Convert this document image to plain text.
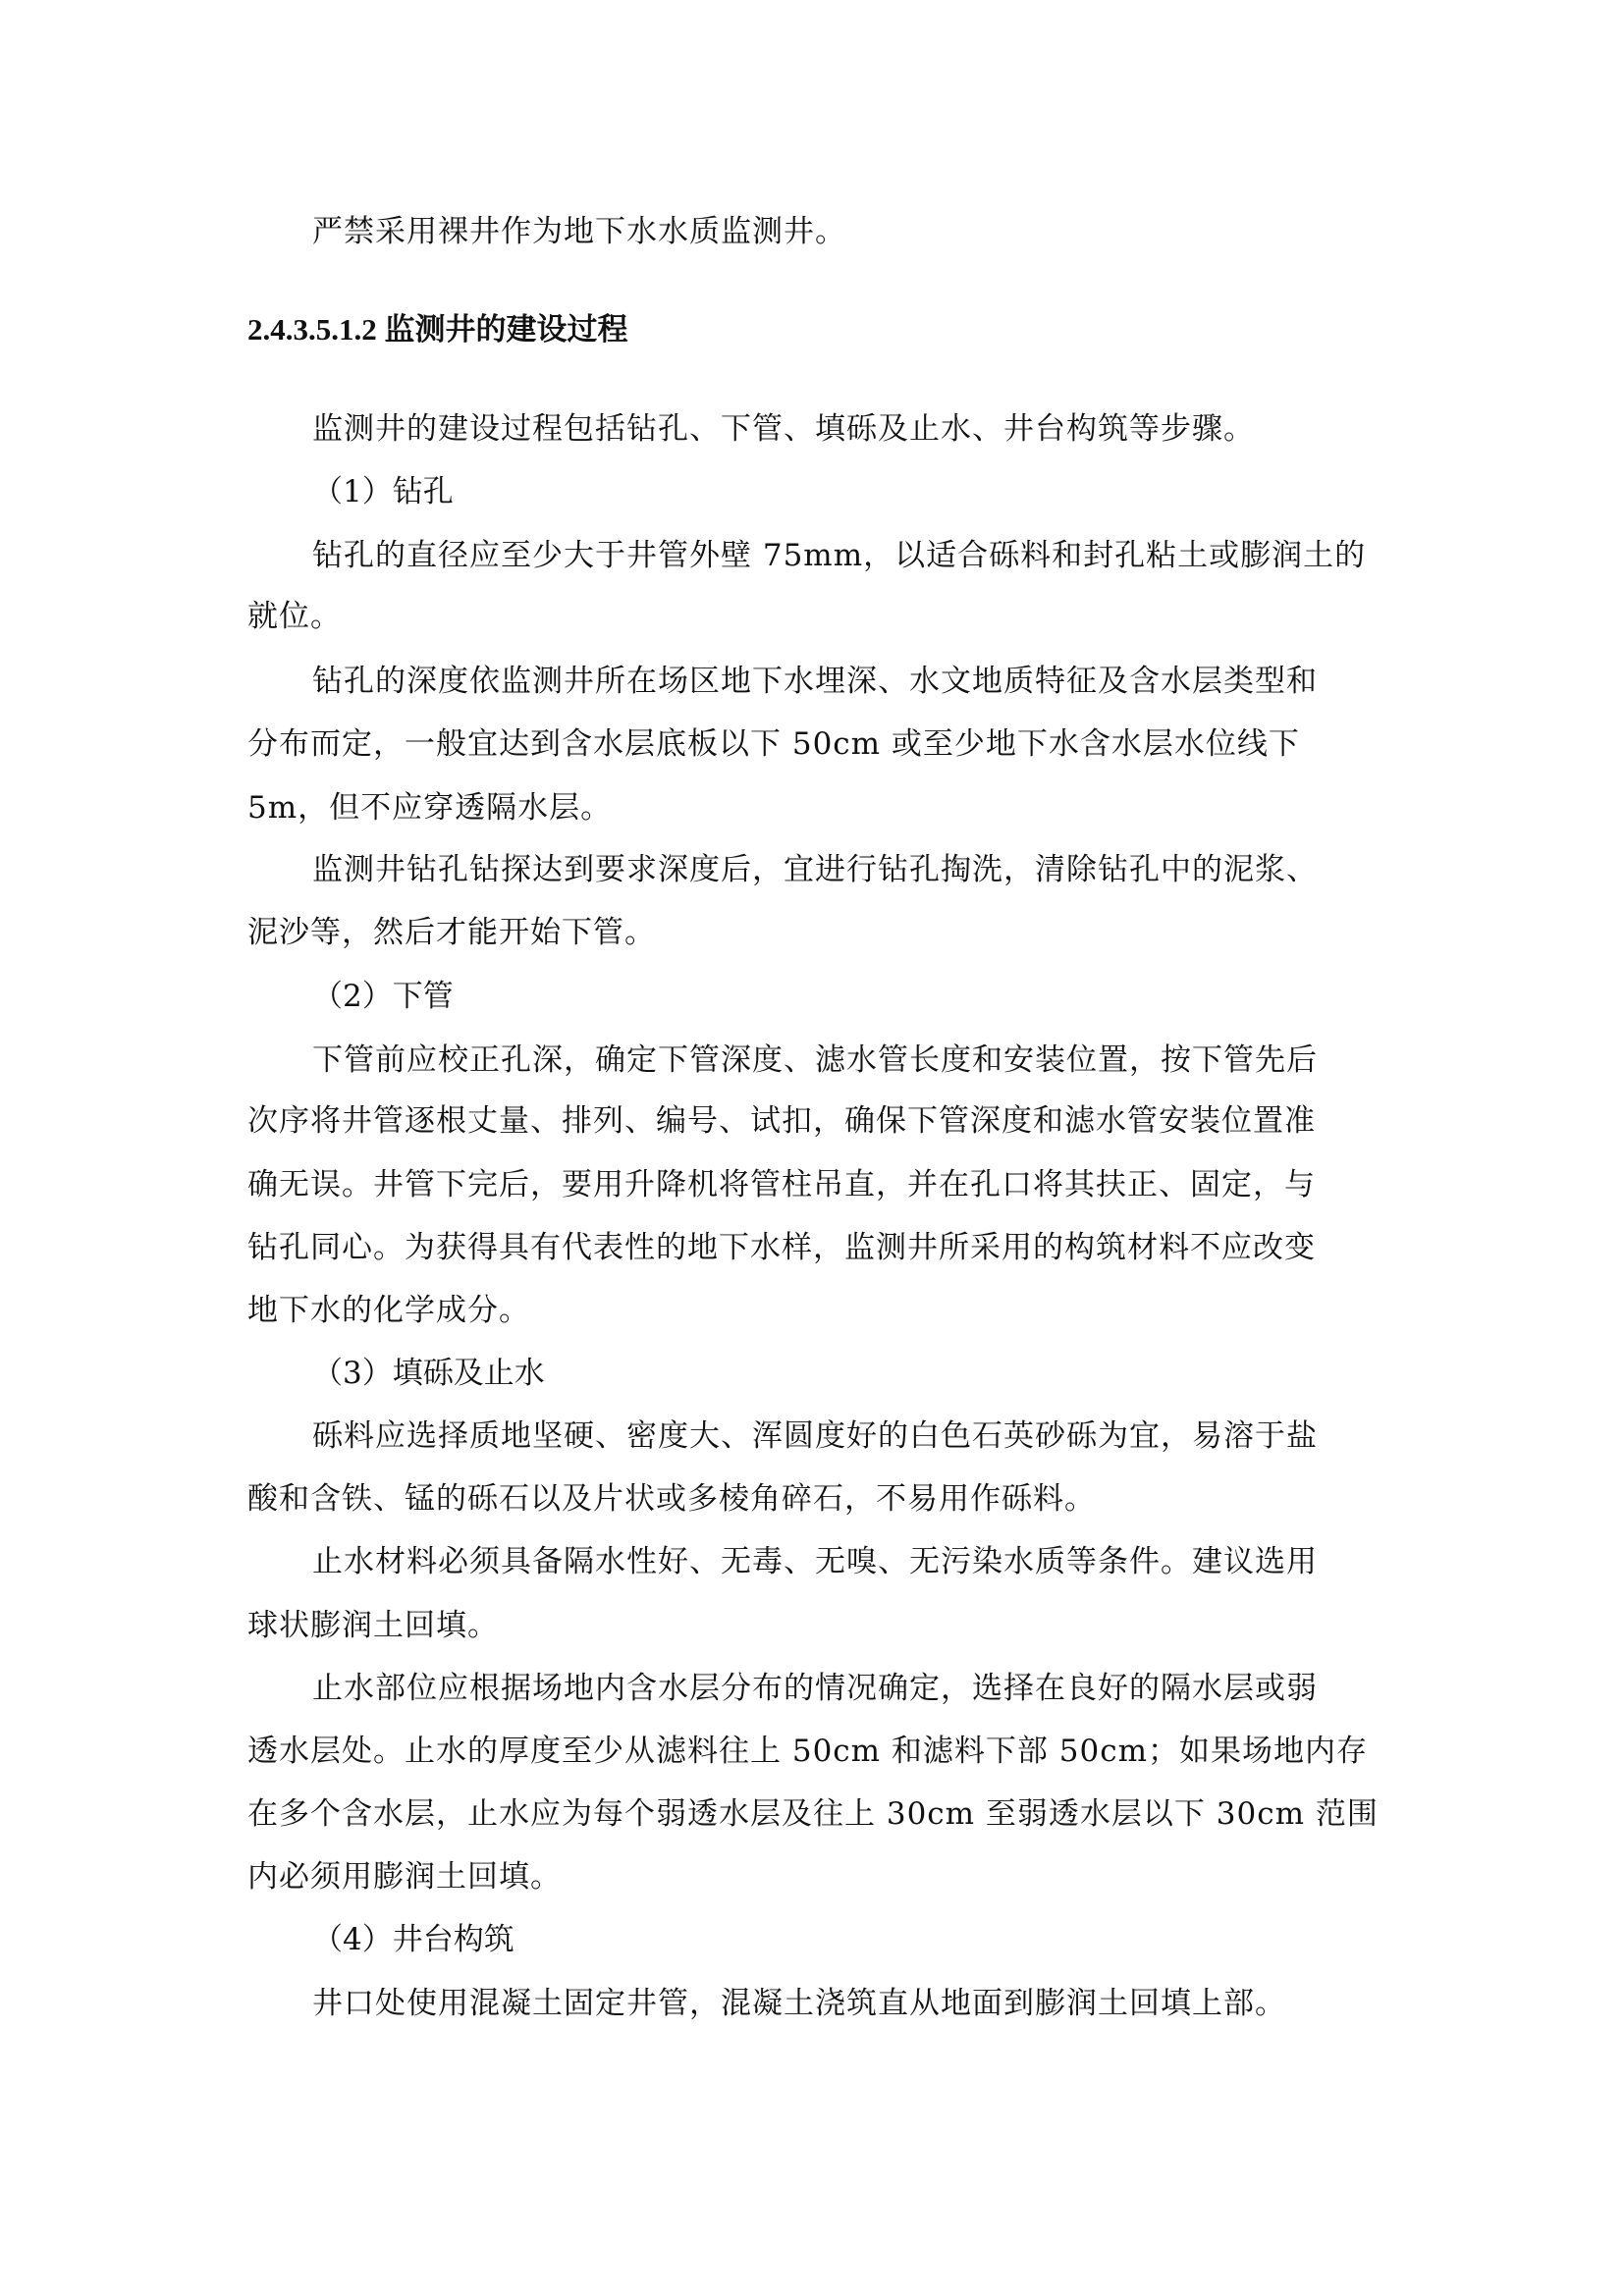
严禁采用裸井作为地下水水质监测井。
2.4.3.5.1.2 监测井的建设过程
监测井的建设过程包括钻孔、下管、填砾及止水、井台构筑等步骤。
（1）钻孔
钻孔的直径应至少大于井管外壁 75mm，以适合砾料和封孔粘土或膨润土的
就位。
钻孔的深度依监测井所在场区地下水埋深、水文地质特征及含水层类型和
分布而定，一般宜达到含水层底板以下 50cm 或至少地下水含水层水位线下
5m，但不应穿透隔水层。
监测井钻孔钻探达到要求深度后，宜进行钻孔掏洗，清除钻孔中的泥浆、
泥沙等，然后才能开始下管。
（2）下管
下管前应校正孔深，确定下管深度、滤水管长度和安装位置，按下管先后
次序将井管逐根丈量、排列、编号、试扣，确保下管深度和滤水管安装位置准
确无误。井管下完后，要用升降机将管柱吊直，并在孔口将其扶正、固定，与
钻孔同心。为获得具有代表性的地下水样，监测井所采用的构筑材料不应改变
地下水的化学成分。
（3）填砾及止水
砾料应选择质地坚硬、密度大、浑圆度好的白色石英砂砾为宜，易溶于盐
酸和含铁、锰的砾石以及片状或多棱角碎石，不易用作砾料。
止水材料必须具备隔水性好、无毒、无嗅、无污染水质等条件。建议选用
球状膨润土回填。
止水部位应根据场地内含水层分布的情况确定，选择在良好的隔水层或弱
透水层处。止水的厚度至少从滤料往上 50cm 和滤料下部 50cm；如果场地内存
在多个含水层，止水应为每个弱透水层及往上 30cm 至弱透水层以下 30cm 范围
内必须用膨润土回填。
（4）井台构筑
井口处使用混凝土固定井管，混凝土浇筑直从地面到膨润土回填上部。
